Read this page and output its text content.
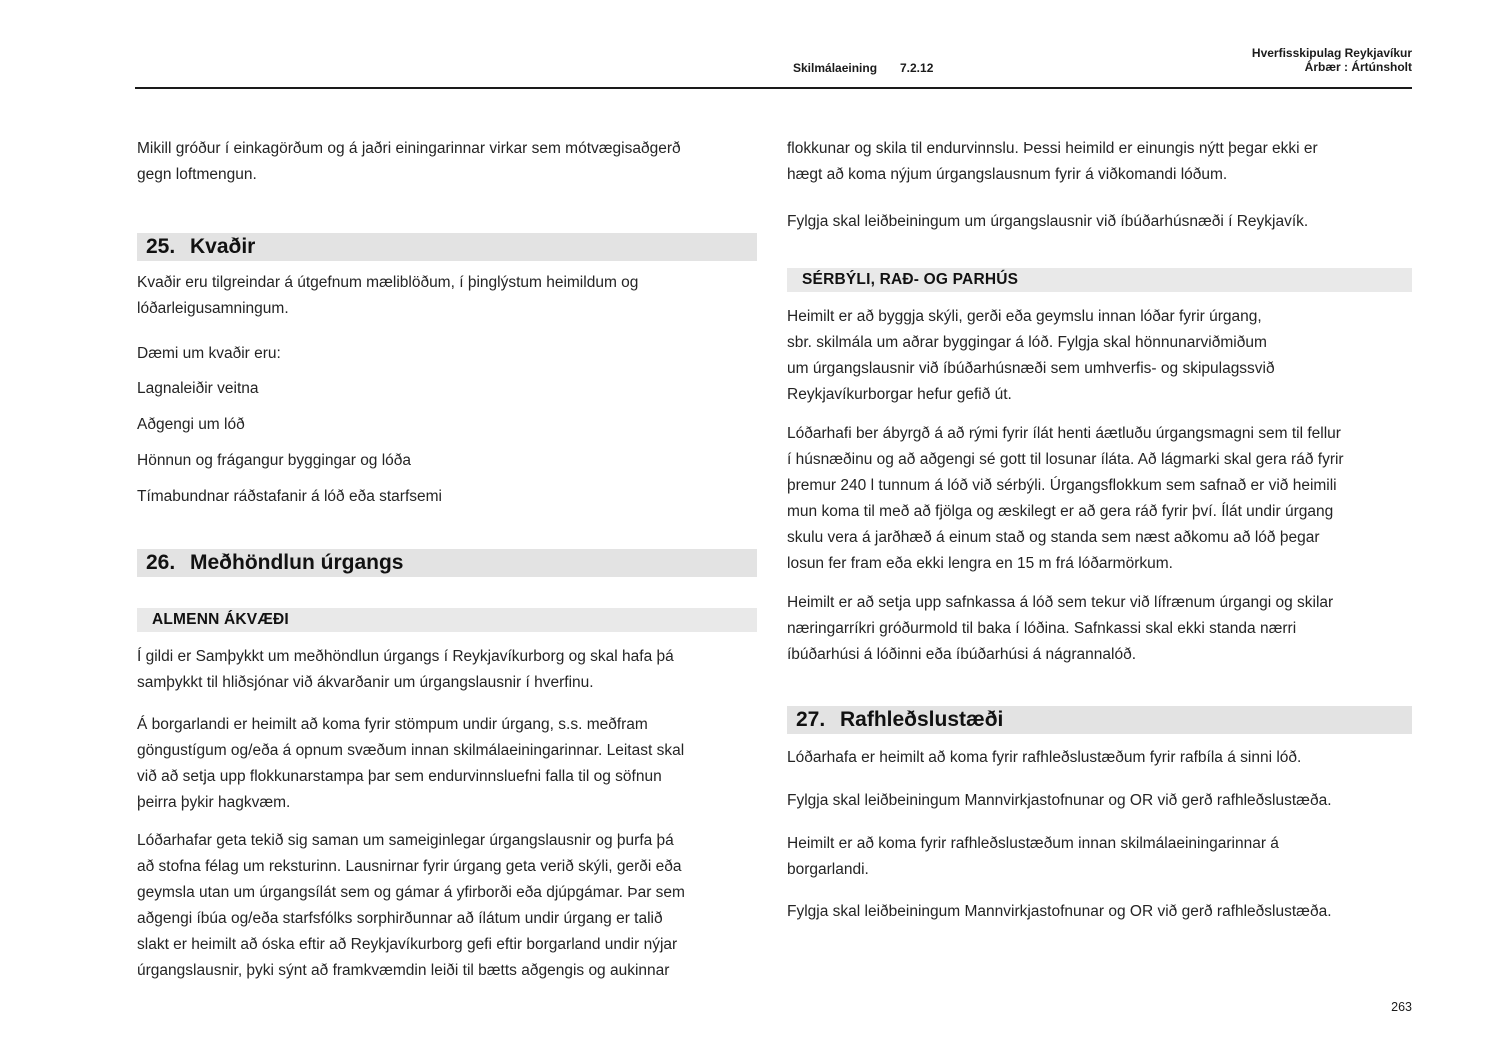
Skilmálaeining 7.2.12
Hverfisskipulag Reykjavíkur
Árbær : Ártúnsholt
Mikill gróður í einkagörðum og á jaðri einingarinnar virkar sem mótvægisaðgerð
gegn loftmengun.
25. Kvaðir
Kvaðir eru tilgreindar á útgefnum mæliblöðum, í þinglýstum heimildum og
lóðarleigusamningum.
Dæmi um kvaðir eru:
Lagnaleiðir veitna
Aðgengi um lóð
Hönnun og frágangur byggingar og lóða
Tímabundnar ráðstafanir á lóð eða starfsemi
26. Meðhöndlun úrgangs
ALMENN ÁKVÆÐI
Í gildi er Samþykkt um meðhöndlun úrgangs í Reykjavíkurborg og skal hafa þá
samþykkt til hliðsjónar við ákvarðanir um úrgangslausnir í hverfinu.
Á borgarlandi er heimilt að koma fyrir stömpum undir úrgang, s.s. meðfram
göngustígum og/eða á opnum svæðum innan skilmálaeiningarinnar. Leitast skal
við að setja upp flokkunarstampa þar sem endurvinnsluefni falla til og söfnun
þeirra þykir hagkvæm.
Lóðarhafar geta tekið sig saman um sameiginlegar úrgangslausnir og þurfa þá
að stofna félag um reksturinn. Lausnirnar fyrir úrgang geta verið skýli, gerði eða
geymsla utan um úrgangsílát sem og gámar á yfirborði eða djúpgámar. Þar sem
aðgengi íbúa og/eða starfsfólks sorphirðunnar að ílátum undir úrgang er talið
slakt er heimilt að óska eftir að Reykjavíkurborg gefi eftir borgarland undir nýjar
úrgangslausnir, þyki sýnt að framkvæmdin leiði til bætts aðgengis og aukinnar
flokkunar og skila til endurvinnslu. Þessi heimild er einungis nýtt þegar ekki er
hægt að koma nýjum úrgangslausnum fyrir á viðkomandi lóðum.
Fylgja skal leiðbeiningum um úrgangslausnir við íbúðarhúsnæði í Reykjavík.
SÉRBÝLI, RAÐ- OG PARHÚS
Heimilt er að byggja skýli, gerði eða geymslu innan lóðar fyrir úrgang,
sbr. skilmála um aðrar byggingar á lóð. Fylgja skal hönnunarviðmiðum
um úrgangslausnir við íbúðarhúsnæði sem umhverfis- og skipulagssvið
Reykjavíkurborgar hefur gefið út.
Lóðarhafi ber ábyrgð á að rými fyrir ílát henti áætluðu úrgangsmagni sem til fellur
í húsnæðinu og að aðgengi sé gott til losunar íláta. Að lágmarki skal gera ráð fyrir
þremur 240 l tunnum á lóð við sérbýli. Úrgangsflokkum sem safnað er við heimili
mun koma til með að fjölga og æskilegt er að gera ráð fyrir því. Ílát undir úrgang
skulu vera á jarðhæð á einum stað og standa sem næst aðkomu að lóð þegar
losun fer fram eða ekki lengra en 15 m frá lóðarmörkum.
Heimilt er að setja upp safnkassa á lóð sem tekur við lífrænum úrgangi og skilar
næringarríkri gróðurmold til baka í lóðina. Safnkassi skal ekki standa nærri
íbúðarhúsi á lóðinni eða íbúðarhúsi á nágrannalóð.
27. Rafhleðslustæði
Lóðarhafa er heimilt að koma fyrir rafhleðslustæðum fyrir rafbíla á sinni lóð.
Fylgja skal leiðbeiningum Mannvirkjastofnunar og OR við gerð rafhleðslustæða.
Heimilt er að koma fyrir rafhleðslustæðum innan skilmálaeiningarinnar á
borgarlandi.
Fylgja skal leiðbeiningum Mannvirkjastofnunar og OR við gerð rafhleðslustæða.
263
